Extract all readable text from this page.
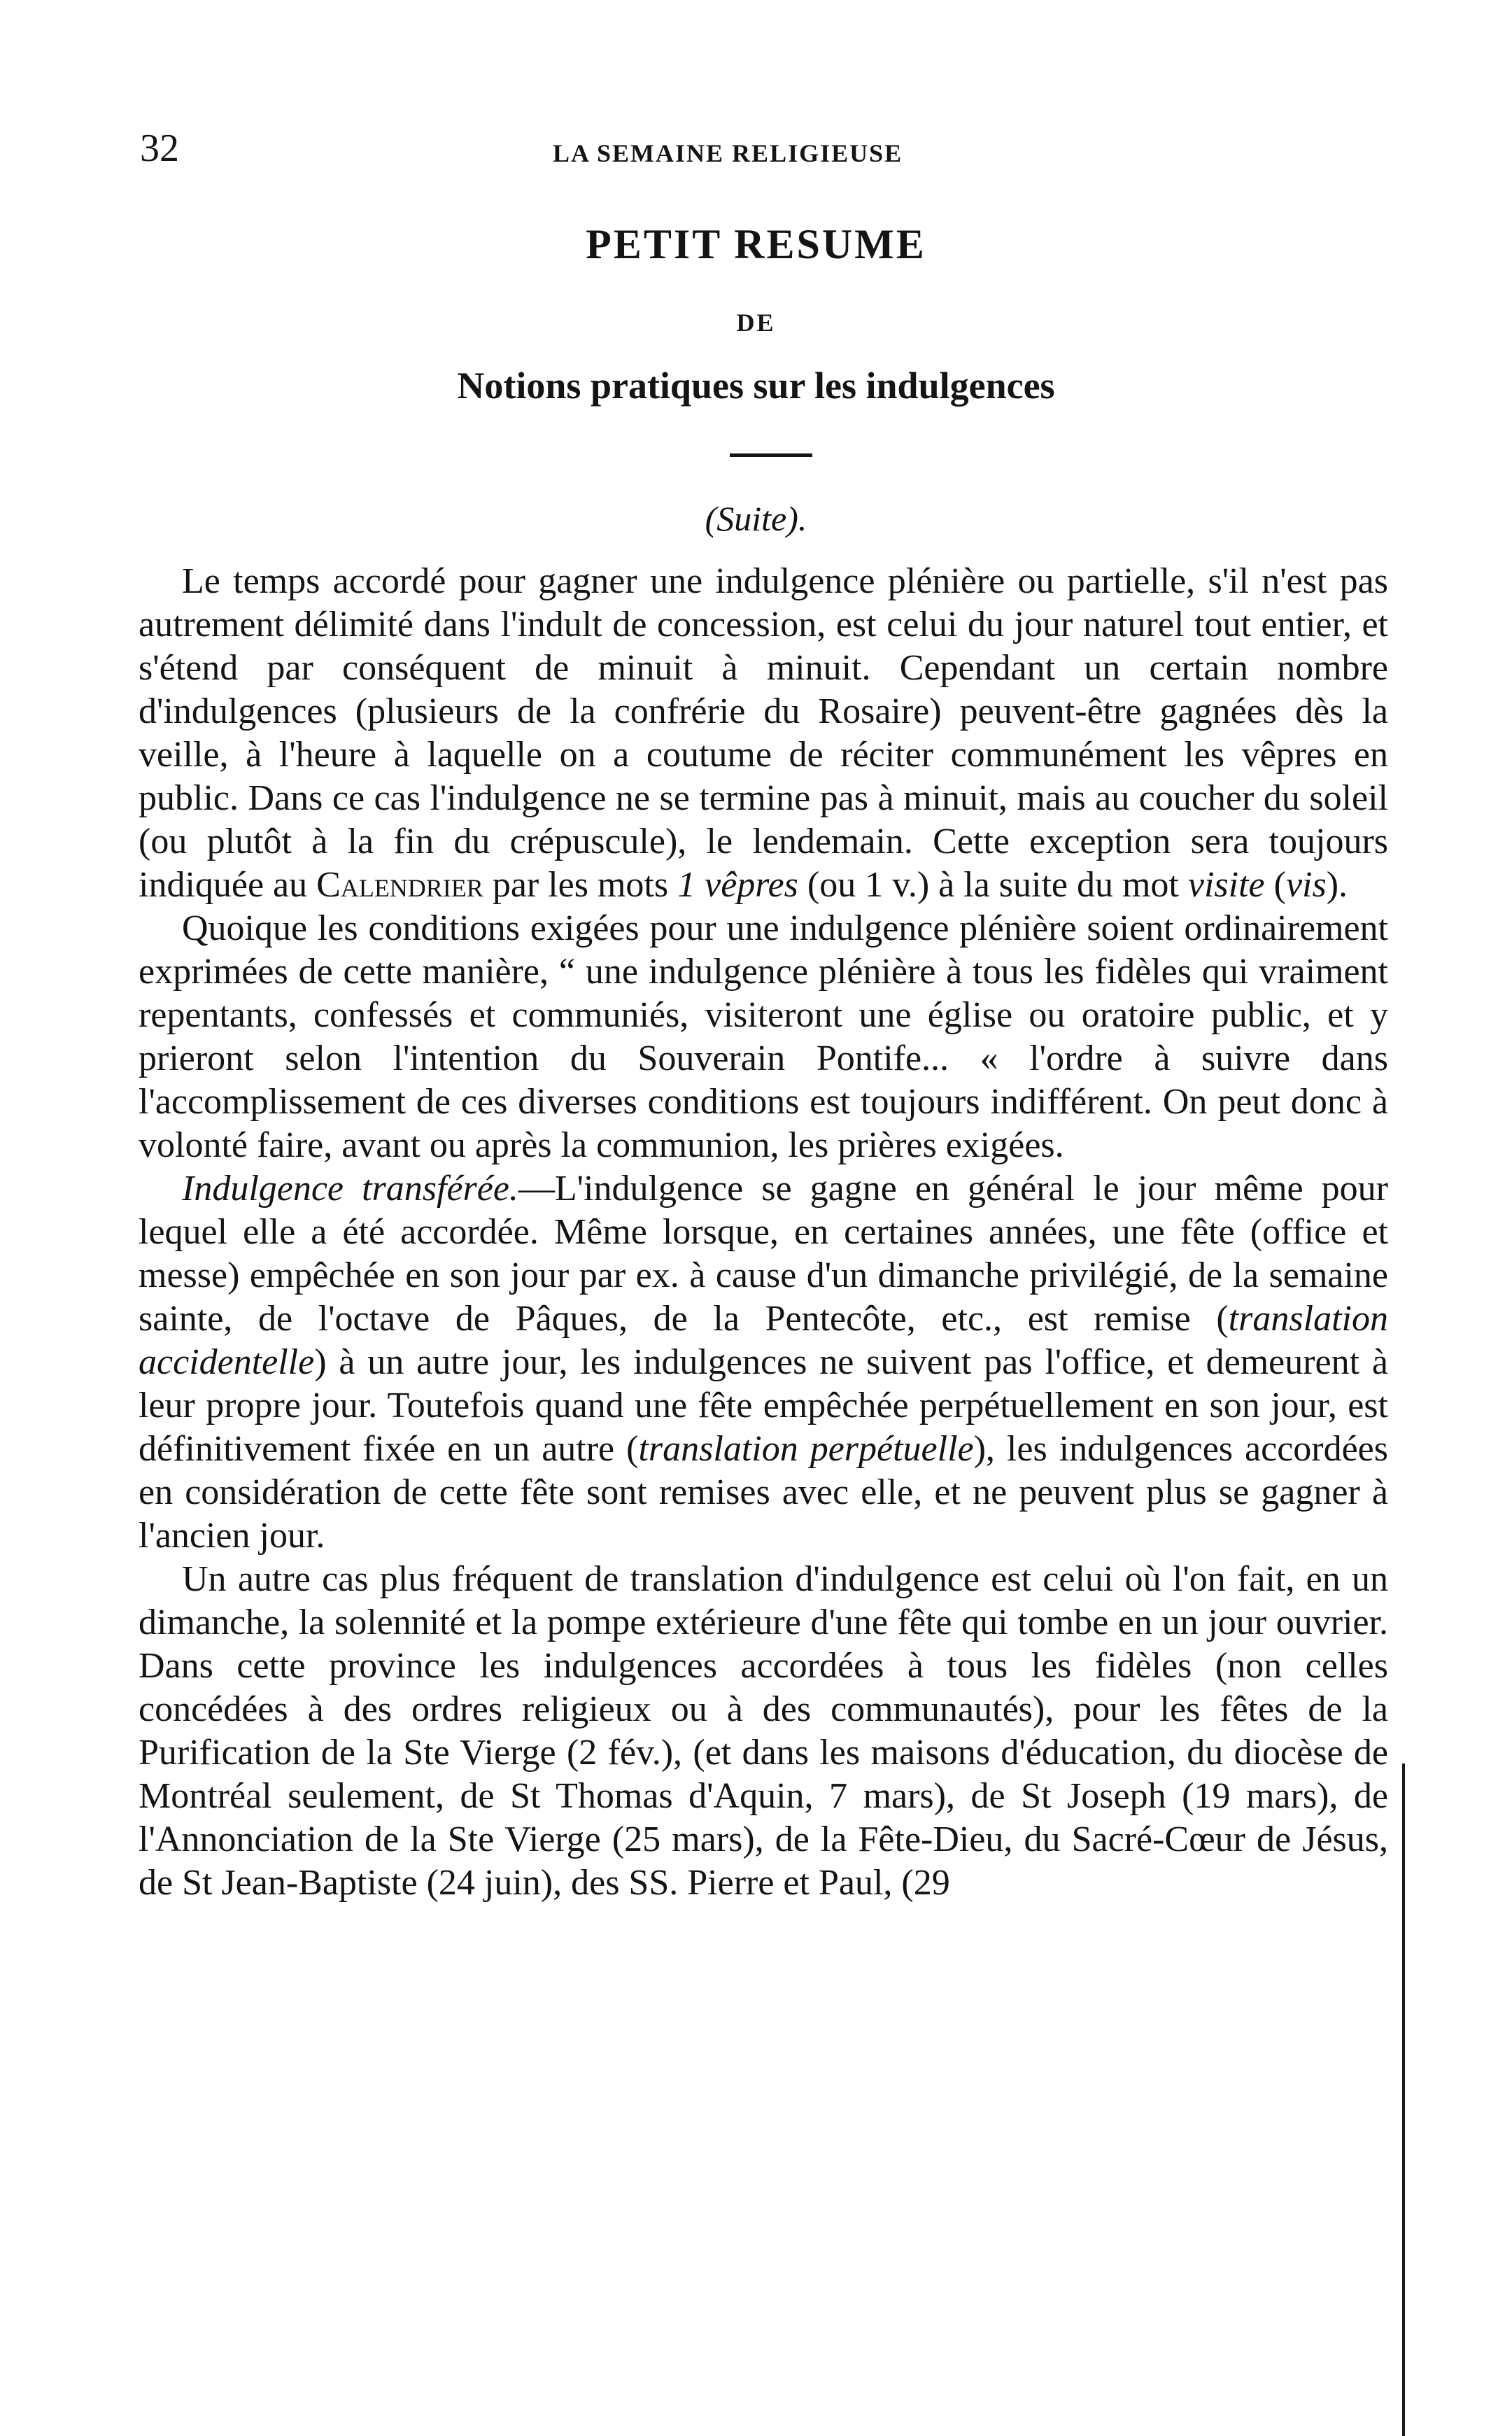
32	LA SEMAINE RELIGIEUSE
PETIT RESUME
DE
Notions pratiques sur les indulgences
(Suite).

Le temps accordé pour gagner une indulgence plénière ou partielle, s'il n'est pas autrement délimité dans l'indult de concession, est celui du jour naturel tout entier, et s'étend par conséquent de minuit à minuit. Cependant un certain nombre d'indulgences (plusieurs de la confrérie du Rosaire) peuvent-être gagnées dès la veille, à l'heure à laquelle on a coutume de réciter communément les vêpres en public. Dans ce cas l'indulgence ne se termine pas à minuit, mais au coucher du soleil (ou plutôt à la fin du crépuscule), le lendemain. Cette exception sera toujours indiquée au Calendrier par les mots 1 vêpres (ou 1 v.) à la suite du mot visite (vis).

Quoique les conditions exigées pour une indulgence plénière soient ordinairement exprimées de cette manière, “ une indulgence plénière à tous les fidèles qui vraiment repentants, confessés et communiés, visiteront une église ou oratoire public, et y prieront selon l'intention du Souverain Pontife... « l'ordre à suivre dans l'accomplissement de ces diverses conditions est toujours indifférent. On peut donc à volonté faire, avant ou après la communion, les prières exigées.

Indulgence transférée.—L'indulgence se gagne en général le jour même pour lequel elle a été accordée. Même lorsque, en certaines années, une fête (office et messe) empêchée en son jour par ex. à cause d'un dimanche privilégié, de la semaine sainte, de l'octave de Pâques, de la Pentecôte, etc., est remise (translation accidentelle) à un autre jour, les indulgences ne suivent pas l'office, et demeurent à leur propre jour. Toutefois quand une fête empêchée perpétuellement en son jour, est définitivement fixée en un autre (translation perpétuelle), les indulgences accordées en considération de cette fête sont remises avec elle, et ne peuvent plus se gagner à l'ancien jour.

Un autre cas plus fréquent de translation d'indulgence est celui où l'on fait, en un dimanche, la solennité et la pompe extérieure d'une fête qui tombe en un jour ouvrier. Dans cette province les indulgences accordées à tous les fidèles (non celles concédées à des ordres religieux ou à des communautés), pour les fêtes de la Purification de la Ste Vierge (2 fév.), (et dans les maisons d'éducation, du diocèse de Montréal seulement, de St Thomas d'Aquin, 7 mars), de St Joseph (19 mars), de l'Annonciation de la Ste Vierge (25 mars), de la Fête-Dieu, du Sacré-Cœur de Jésus, de St Jean-Baptiste (24 juin), des SS. Pierre et Paul, (29
